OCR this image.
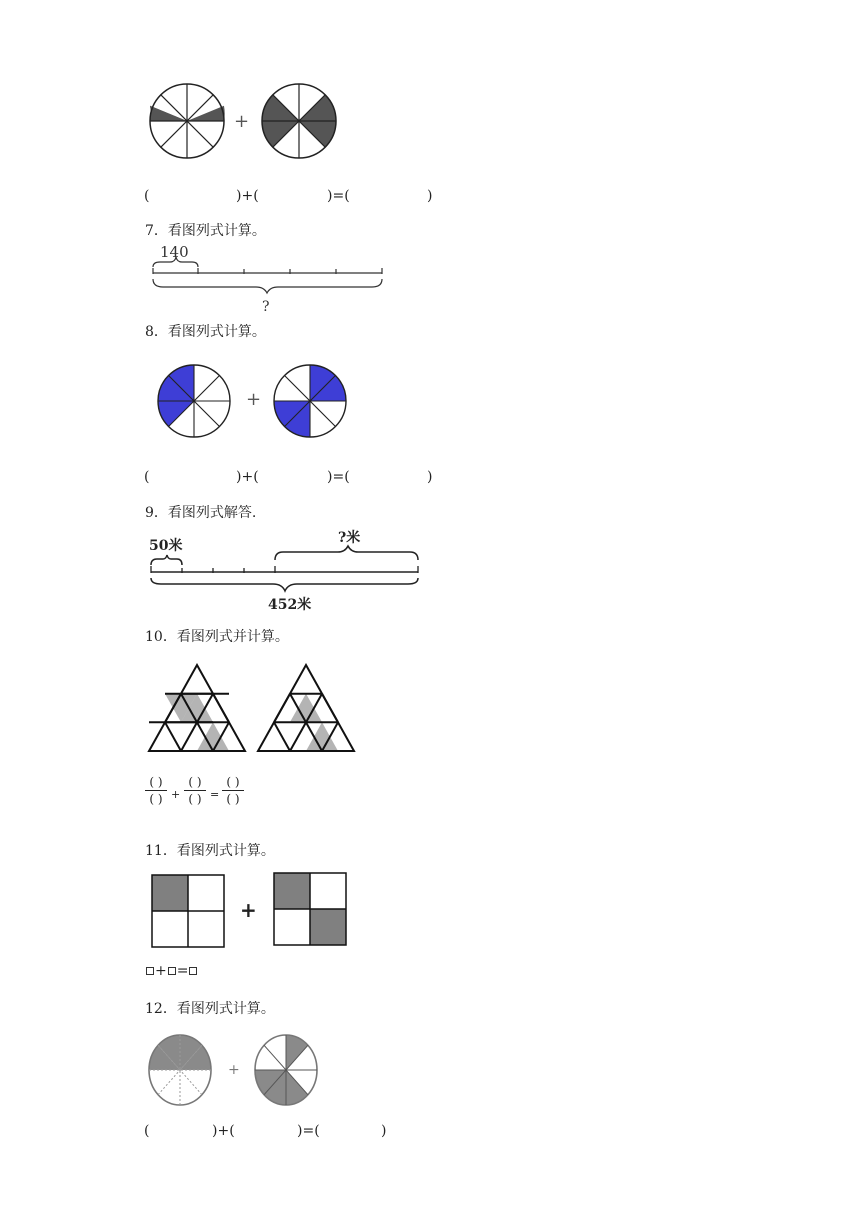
+
(	)+(	)=(	)
7．看图列式计算。
140
?
8．看图列式计算。
+
(	)+(	)=(	)
9．看图列式解答.
50米	?米
452米
10．看图列式并计算。
( )
( ) +
( )
( ) =
( )
( )
11．看图列式计算。
+
+ =
12．看图列式计算。
+
(	)+(	)=(	)
